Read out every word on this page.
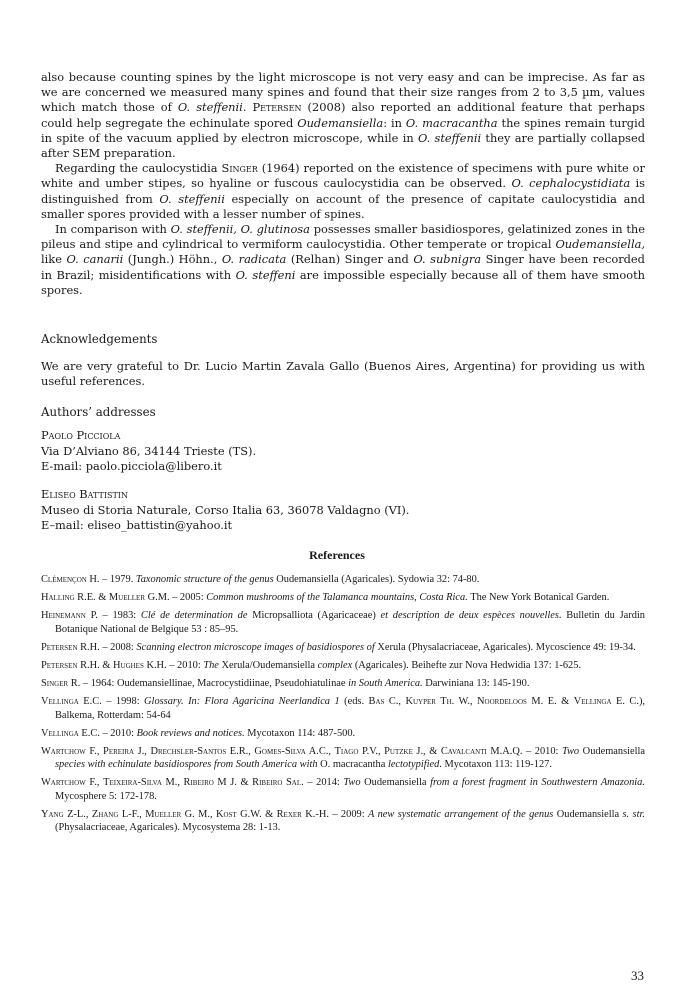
also because counting spines by the light microscope is not very easy and can be imprecise. As far as we are concerned we measured many spines and found that their size ranges from 2 to 3,5 µm, values which match those of O. steffenii. Petersen (2008) also reported an additional feature that perhaps could help segregate the echinulate spored Oudemansiella: in O. macracantha the spines remain turgid in spite of the vacuum applied by electron microscope, while in O. steffenii they are partially collapsed after SEM preparation.

Regarding the caulocystidia Singer (1964) reported on the existence of specimens with pure white or white and umber stipes, so hyaline or fuscous caulocystidia can be observed. O. cephalocystidiata is distinguished from O. steffenii especially on account of the presence of capitate caulocystidia and smaller spores provided with a lesser number of spines.

In comparison with O. steffenii, O. glutinosa possesses smaller basidiospores, gelatinized zones in the pileus and stipe and cylindrical to vermiform caulocystidia. Other temperate or tropical Oudemansiella, like O. canarii (Jungh.) Höhn., O. radicata (Relhan) Singer and O. subnigra Singer have been recorded in Brazil; misidentifications with O. steffeni are impossible especially because all of them have smooth spores.

Acknowledgements

We are very grateful to Dr. Lucio Martin Zavala Gallo (Buenos Aires, Argentina) for providing us with useful references.

Authors’ addresses
Paolo Picciola
Via D’Alviano 86, 34144 Trieste (TS).
E-mail: paolo.picciola@libero.it
Eliseo Battistin
Museo di Storia Naturale, Corso Italia 63, 36078 Valdagno (VI).
E–mail: eliseo_battistin@yahoo.it
References
Clémençon H. – 1979. Taxonomic structure of the genus Oudemansiella (Agaricales). Sydowia 32: 74-80.
Halling R.E. & Mueller G.M. – 2005: Common mushrooms of the Talamanca mountains, Costa Rica. The New York Botanical Garden.
Heinemann P. – 1983: Clé de determination de Micropsalliota (Agaricaceae) et description de deux espèces nouvelles. Bulletin du Jardin Botanique National de Belgique 53 : 85–95.
Petersen R.H. – 2008: Scanning electron microscope images of basidiospores of Xerula (Physalacriaceae, Agaricales). Mycoscience 49: 19-34.
Petersen R.H. & Hughes K.H. – 2010: The Xerula/Oudemansiella complex (Agaricales). Beihefte zur Nova Hedwidia 137: 1-625.
Singer R. – 1964: Oudemansiellinae, Macrocystidiinae, Pseudohiatulinae in South America. Darwiniana 13: 145-190.
Vellinga E.C. – 1998: Glossary. In: Flora Agaricina Neerlandica 1 (eds. Bas C., Kuyper Th. W., Noordeloos M. E. & Vellinga E. C.), Balkema, Rotterdam: 54-64
Vellinga E.C. – 2010: Book reviews and notices. Mycotaxon 114: 487-500.
Wartchow F., Pereira J., Drechsler-Santos E.R., Gomes-Silva A.C., Tiago P.V., Putzke J., & Cavalcanti M.A.Q. – 2010: Two Oudemansiella species with echinulate basidiospores from South America with O. macracantha lectotypified. Mycotaxon 113: 119-127.
Wartchow F., Teixeira-Silva M., Ribeiro M J. & Ribeiro Sal. – 2014: Two Oudemansiella from a forest fragment in Southwestern Amazonia. Mycosphere 5: 172-178.
Yang Z-L., Zhang L-F., Mueller G. M., Kost G.W. & Rexer K.-H. – 2009: A new systematic arrangement of the genus Oudemansiella s. str. (Physalacriaceae, Agaricales). Mycosystema 28: 1-13.
33
